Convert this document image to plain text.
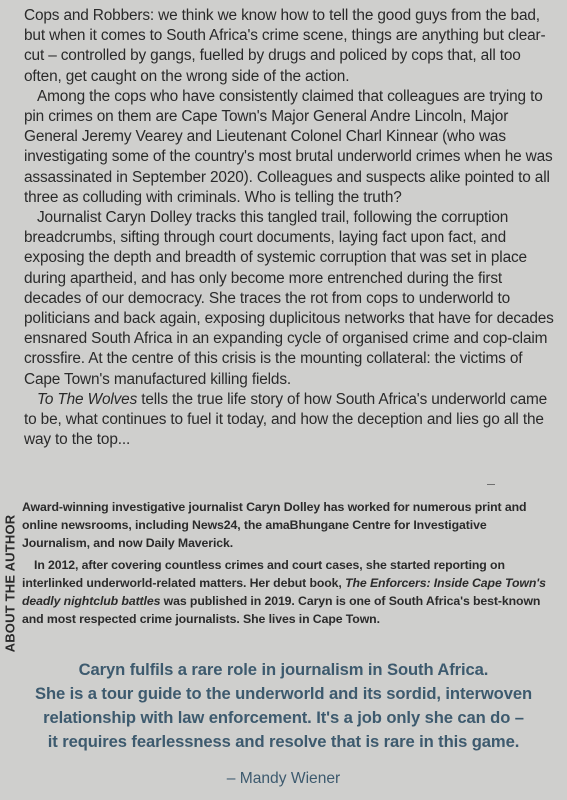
Cops and Robbers: we think we know how to tell the good guys from the bad, but when it comes to South Africa's crime scene, things are anything but clear-cut – controlled by gangs, fuelled by drugs and policed by cops that, all too often, get caught on the wrong side of the action.

Among the cops who have consistently claimed that colleagues are trying to pin crimes on them are Cape Town's Major General Andre Lincoln, Major General Jeremy Vearey and Lieutenant Colonel Charl Kinnear (who was investigating some of the country's most brutal underworld crimes when he was assassinated in September 2020). Colleagues and suspects alike pointed to all three as colluding with criminals. Who is telling the truth?

Journalist Caryn Dolley tracks this tangled trail, following the corruption breadcrumbs, sifting through court documents, laying fact upon fact, and exposing the depth and breadth of systemic corruption that was set in place during apartheid, and has only become more entrenched during the first decades of our democracy. She traces the rot from cops to underworld to politicians and back again, exposing duplicitous networks that have for decades ensnared South Africa in an expanding cycle of organised crime and cop-claim crossfire. At the centre of this crisis is the mounting collateral: the victims of Cape Town's manufactured killing fields.

To The Wolves tells the true life story of how South Africa's underworld came to be, what continues to fuel it today, and how the deception and lies go all the way to the top...

ABOUT THE AUTHOR

Award-winning investigative journalist Caryn Dolley has worked for numerous print and online newsrooms, including News24, the amaBhungane Centre for Investigative Journalism, and now Daily Maverick.

In 2012, after covering countless crimes and court cases, she started reporting on interlinked underworld-related matters. Her debut book, The Enforcers: Inside Cape Town's deadly nightclub battles was published in 2019. Caryn is one of South Africa's best-known and most respected crime journalists. She lives in Cape Town.

Caryn fulfils a rare role in journalism in South Africa.

She is a tour guide to the underworld and its sordid, interwoven

relationship with law enforcement. It's a job only she can do –

it requires fearlessness and resolve that is rare in this game.

– Mandy Wiener
